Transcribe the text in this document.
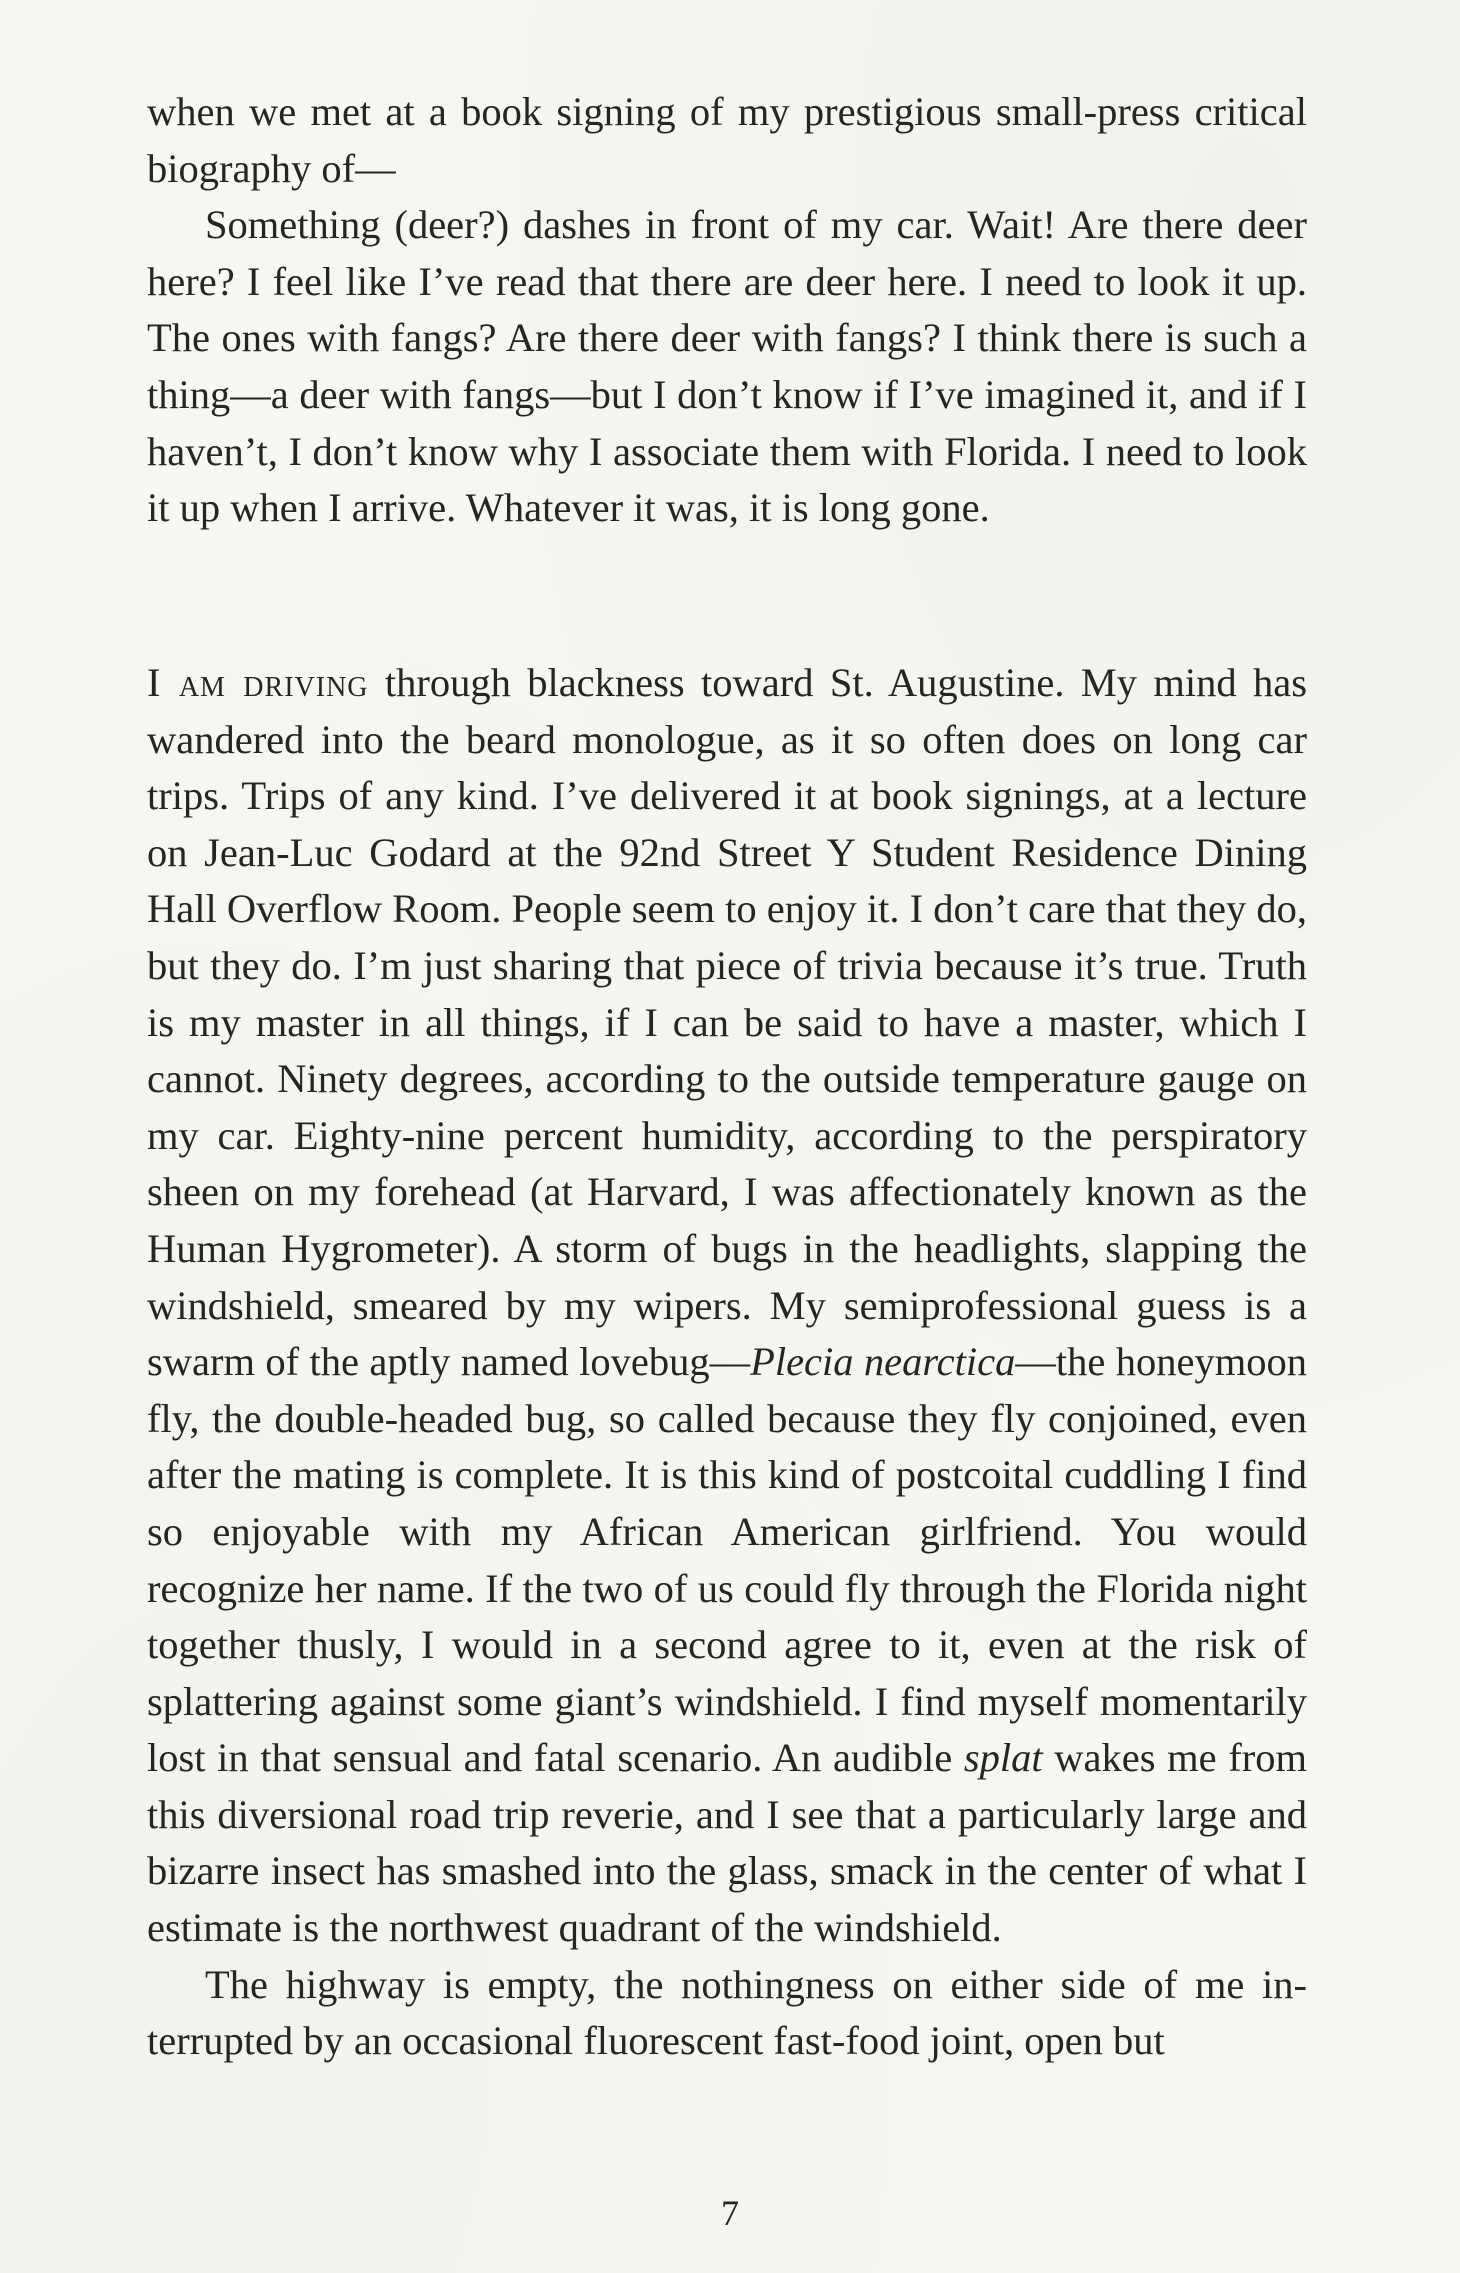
when we met at a book signing of my prestigious small-press critical biography of—

Something (deer?) dashes in front of my car. Wait! Are there deer here? I feel like I’ve read that there are deer here. I need to look it up. The ones with fangs? Are there deer with fangs? I think there is such a thing—a deer with fangs—but I don’t know if I’ve imagined it, and if I haven’t, I don’t know why I associate them with Florida. I need to look it up when I arrive. Whatever it was, it is long gone.

I am driving through blackness toward St. Augustine. My mind has wandered into the beard monologue, as it so often does on long car trips. Trips of any kind. I’ve delivered it at book signings, at a lecture on Jean-Luc Godard at the 92nd Street Y Student Residence Dining Hall Overflow Room. People seem to enjoy it. I don’t care that they do, but they do. I’m just sharing that piece of trivia because it’s true. Truth is my master in all things, if I can be said to have a master, which I cannot. Ninety degrees, according to the outside temperature gauge on my car. Eighty-nine percent humidity, according to the perspiratory sheen on my forehead (at Harvard, I was affectionately known as the Human Hygrometer). A storm of bugs in the headlights, slapping the windshield, smeared by my wipers. My semiprofessional guess is a swarm of the aptly named lovebug—Plecia nearctica—the honeymoon fly, the double-headed bug, so called because they fly conjoined, even after the mating is complete. It is this kind of postcoital cuddling I find so enjoyable with my African American girlfriend. You would recognize her name. If the two of us could fly through the Florida night together thusly, I would in a second agree to it, even at the risk of splattering against some giant’s windshield. I find myself momentarily lost in that sensual and fatal scenario. An audible splat wakes me from this diversional road trip reverie, and I see that a particularly large and bizarre insect has smashed into the glass, smack in the center of what I estimate is the northwest quadrant of the windshield.

The highway is empty, the nothingness on either side of me interrupted by an occasional fluorescent fast-food joint, open but

7
